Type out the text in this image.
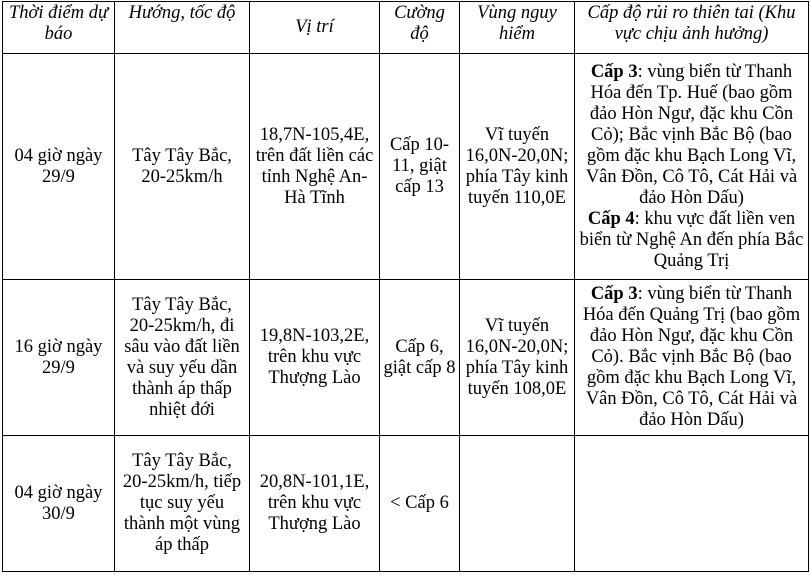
Thời điểm dự báo	Hướng, tốc độ	Vị trí	Cường độ	Vùng nguy hiểm	Cấp độ rủi ro thiên tai (Khu vực chịu ảnh hưởng)
04 giờ ngày 29/9	Tây Tây Bắc, 20-25km/h	18,7N-105,4E, trên đất liền các tỉnh Nghệ An-Hà Tĩnh	Cấp 10-11, giật cấp 13	Vĩ tuyến 16,0N-20,0N; phía Tây kinh tuyến 110,0E	Cấp 3: vùng biển từ Thanh Hóa đến Tp. Huế (bao gồm đảo Hòn Ngư, đặc khu Cồn Cỏ); Bắc vịnh Bắc Bộ (bao gồm đặc khu Bạch Long Vĩ, Vân Đồn, Cô Tô, Cát Hải và đảo Hòn Dấu)

Cấp 4: khu vực đất liền ven biển từ Nghệ An đến phía Bắc Quảng Trị

16 giờ ngày 29/9	Tây Tây Bắc, 20-25km/h, đi sâu vào đất liền và suy yếu dần thành áp thấp nhiệt đới	19,8N-103,2E, trên khu vực Thượng Lào	Cấp 6, giật cấp 8	Vĩ tuyến 16,0N-20,0N; phía Tây kinh tuyến 108,0E	Cấp 3: vùng biển từ Thanh Hóa đến Quảng Trị (bao gồm đảo Hòn Ngư, đặc khu Cồn Cỏ). Bắc vịnh Bắc Bộ (bao gồm đặc khu Bạch Long Vĩ, Vân Đồn, Cô Tô, Cát Hải và đảo Hòn Dấu)

04 giờ ngày 30/9	Tây Tây Bắc, 20-25km/h, tiếp tục suy yếu thành một vùng áp thấp	20,8N-101,1E, trên khu vực Thượng Lào	< Cấp 6		
